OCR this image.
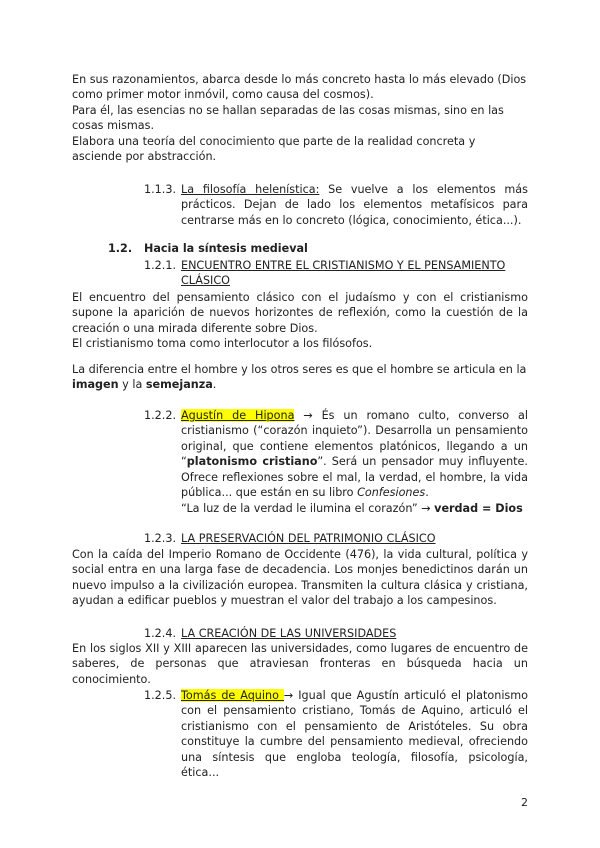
En sus razonamientos, abarca desde lo más concreto hasta lo más elevado (Dios como primer motor inmóvil, como causa del cosmos).

Para él, las esencias no se hallan separadas de las cosas mismas, sino en las cosas mismas.

Elabora una teoría del conocimiento que parte de la realidad concreta y asciende por abstracción.

1.1.3. La filosofía helenística: Se vuelve a los elementos más prácticos. Dejan de lado los elementos metafísicos para centrarse más en lo concreto (lógica, conocimiento, ética...).

1.2. Hacia la síntesis medieval
1.2.1. ENCUENTRO ENTRE EL CRISTIANISMO Y EL PENSAMIENTO CLÁSICO

El encuentro del pensamiento clásico con el judaísmo y con el cristianismo supone la aparición de nuevos horizontes de reflexión, como la cuestión de la creación o una mirada diferente sobre Dios.

El cristianismo toma como interlocutor a los filósofos.

La diferencia entre el hombre y los otros seres es que el hombre se articula en la imagen y la semejanza.

1.2.2. Agustín de Hipona → És un romano culto, converso al cristianismo (“corazón inquieto”). Desarrolla un pensamiento original, que contiene elementos platónicos, llegando a un “platonismo cristiano”. Será un pensador muy influyente. Ofrece reflexiones sobre el mal, la verdad, el hombre, la vida pública... que están en su libro Confesiones.

“La luz de la verdad le ilumina el corazón” → verdad = Dios

1.2.3. LA PRESERVACIÓN DEL PATRIMONIO CLÁSICO

Con la caída del Imperio Romano de Occidente (476), la vida cultural, política y social entra en una larga fase de decadencia. Los monjes benedictinos darán un nuevo impulso a la civilización europea. Transmiten la cultura clásica y cristiana, ayudan a edificar pueblos y muestran el valor del trabajo a los campesinos.

1.2.4. LA CREACIÓN DE LAS UNIVERSIDADES

En los siglos XII y XIII aparecen las universidades, como lugares de encuentro de saberes, de personas que atraviesan fronteras en búsqueda hacia un conocimiento.

1.2.5. Tomás de Aquino → Igual que Agustín articuló el platonismo con el pensamiento cristiano, Tomás de Aquino, articuló el cristianismo con el pensamiento de Aristóteles. Su obra constituye la cumbre del pensamiento medieval, ofreciendo una síntesis que engloba teología, filosofía, psicología, ética...

2
